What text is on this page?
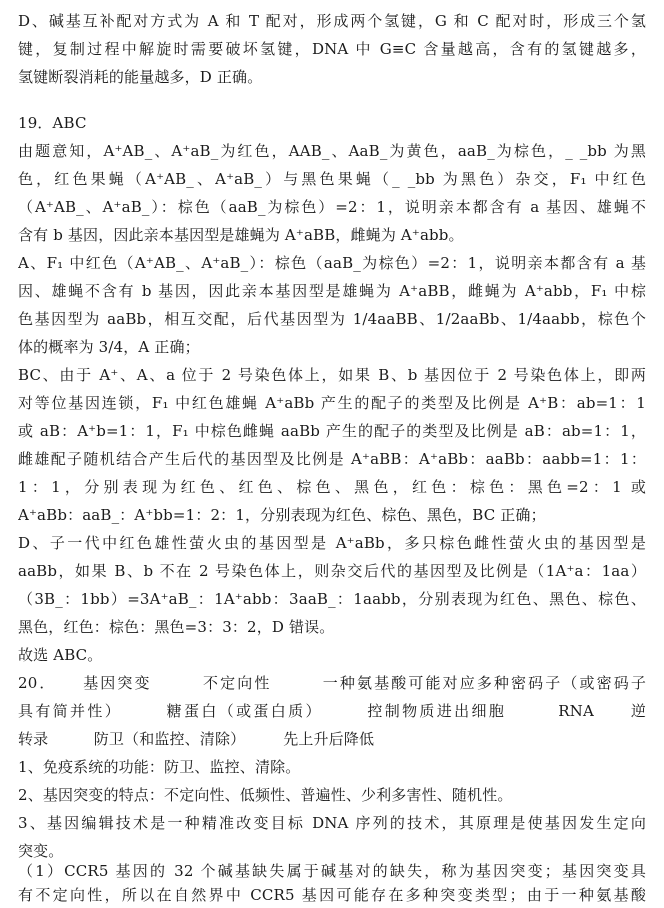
D、碱基互补配对方式为 A 和 T 配对，形成两个氢键，G 和 C 配对时，形成三个氢
键，复制过程中解旋时需要破坏氢键，DNA 中 G≡C 含量越高，含有的氢键越多，
氢键断裂消耗的能量越多，D 正确。
19．ABC
由题意知，A⁺AB_、A⁺aB_为红色，AAB_、AaB_为黄色，aaB_为棕色，_ _bb 为黑
色，红色果蝇（A⁺AB_、A⁺aB_）与黑色果蝇（_ _bb 为黑色）杂交，F₁ 中红色
（A⁺AB_、A⁺aB_）：棕色（aaB_为棕色）=2：1，说明亲本都含有 a 基因、雄蝇不
含有 b 基因，因此亲本基因型是雄蝇为 A⁺aBB，雌蝇为 A⁺abb。
A、F₁ 中红色（A⁺AB_、A⁺aB_）：棕色（aaB_为棕色）=2：1，说明亲本都含有 a 基
因、雄蝇不含有 b 基因，因此亲本基因型是雄蝇为 A⁺aBB，雌蝇为 A⁺abb，F₁ 中棕
色基因型为 aaBb，相互交配，后代基因型为 1/4aaBB、1/2aaBb、1/4aabb，棕色个
体的概率为 3/4，A 正确；
BC、由于 A⁺、A、a 位于 2 号染色体上，如果 B、b 基因位于 2 号染色体上，即两
对等位基因连锁，F₁ 中红色雄蝇 A⁺aBb 产生的配子的类型及比例是 A⁺B：ab=1：1
或 aB：A⁺b=1：1，F₁ 中棕色雌蝇 aaBb 产生的配子的类型及比例是 aB：ab=1：1，
雌雄配子随机结合产生后代的基因型及比例是 A⁺aBB：A⁺aBb：aaBb：aabb=1：1：
1：1，分别表现为红色、红色、棕色、黑色，红色：棕色：黑色=2：1 或
A⁺aBb：aaB_：A⁺bb=1：2：1，分别表现为红色、棕色、黑色，BC 正确；
D、子一代中红色雄性萤火虫的基因型是 A⁺aBb，多只棕色雌性萤火虫的基因型是
aaBb，如果 B、b 不在 2 号染色体上，则杂交后代的基因型及比例是（1A⁺a：1aa）
（3B_：1bb）=3A⁺aB_：1A⁺abb：3aaB_：1aabb，分别表现为红色、黑色、棕色、
黑色，红色：棕色：黑色=3：3：2，D 错误。
故选 ABC。
20．　　基因突变　　　不定向性　　　一种氨基酸可能对应多种密码子（或密码子
具有简并性）　　　糖蛋白（或蛋白质）　　　控制物质进出细胞　　　RNA　　逆
转录　　　防卫（和监控、清除）　　　先上升后降低
1、免疫系统的功能：防卫、监控、清除。
2、基因突变的特点：不定向性、低频性、普遍性、少利多害性、随机性。
3、基因编辑技术是一种精准改变目标 DNA 序列的技术，其原理是使基因发生定向
突变。
（1）CCR5 基因的 32 个碱基缺失属于碱基对的缺失，称为基因突变；基因突变具
有不定向性，所以在自然界中 CCR5 基因可能存在多种突变类型；由于一种氨基酸
